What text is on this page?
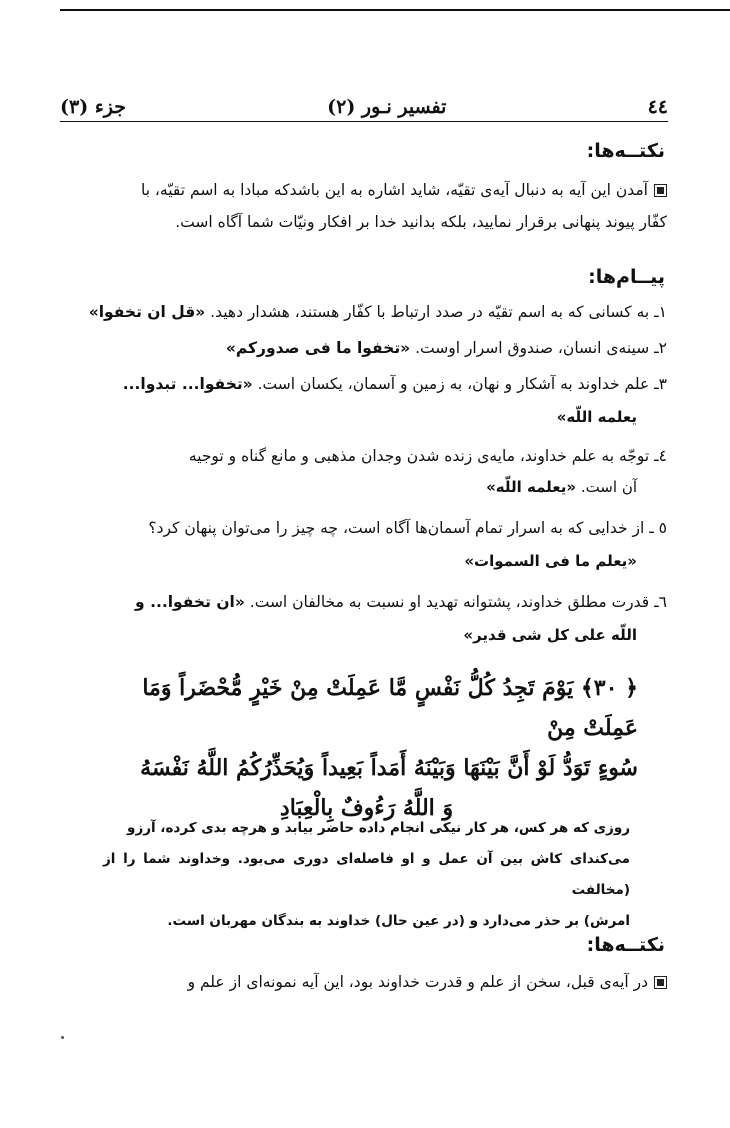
٤٤
تفسیر نـور (۲)
جزء (۳)
نکتــه‌ها:
آمدن این آیه به دنبال آیه‌ی تقیّه، شاید اشاره به این باشدکه مبادا به اسم تقیّه، با
کفّار پیوند پنهانی برقرار نمایید، بلکه بدانید خدا بر افکار ونیّات شما آگاه است.
پیــام‌ها:
۱ـ به کسانی که به اسم تقیّه در صدد ارتباط با کفّار هستند، هشدار دهید. «قل ان تخفوا»
۲ـ سینه‌ی انسان، صندوق اسرار اوست. «تخفوا ما فی صدورکم»
۳ـ علم خداوند به آشکار و نهان، به زمین و آسمان، یکسان است. «تخفوا... تبدوا...
یعلمه اللّه»
٤ـ توجّه به علم خداوند، مایه‌ی زنده شدن وجدان مذهبی و مانع گناه و توجیه
آن است. «یعلمه اللّه»
٥ ـ از خدایی که به اسرار تمام آسمان‌ها آگاه است، چه چیز را می‌توان پنهان کرد؟
«یعلم ما فی السموات»
٦ـ قدرت مطلق خداوند، پشتوانه تهدید او نسبت به مخالفان است. «ان تخفوا... و
اللّه علی کل شی قدیر»
﴿ ۳۰﴾ یَوْمَ تَجِدُ كُلُّ نَفْسٍ مَّا عَمِلَتْ مِنْ خَيْرٍ مُّحْضَراً وَمَا عَمِلَتْ مِنْ
سُوءٍ تَوَدُّ لَوْ أَنَّ بَيْنَهَا وَبَيْنَهُ أَمَداً بَعِيداً وَيُحَذِّرُكُمُ اللَّهُ نَفْسَهُ
وَ اللَّهُ رَءُوفٌ بِالْعِبَادِ
روزی که هر کس، هر کار نیکی انجام داده حاضر بیابد و هرچه بدی کرده، آرزو
می‌کندای کاش بین آن عمل و او فاصله‌ای دوری می‌بود. وخداوند شما را از (مخالفت
امرش) بر حذر می‌دارد و (در عین حال) خداوند به بندگان مهربان است.
نکتــه‌ها:
در آیه‌ی قبل، سخن از علم و قدرت خداوند بود، این آیه نمونه‌ای از علم و
